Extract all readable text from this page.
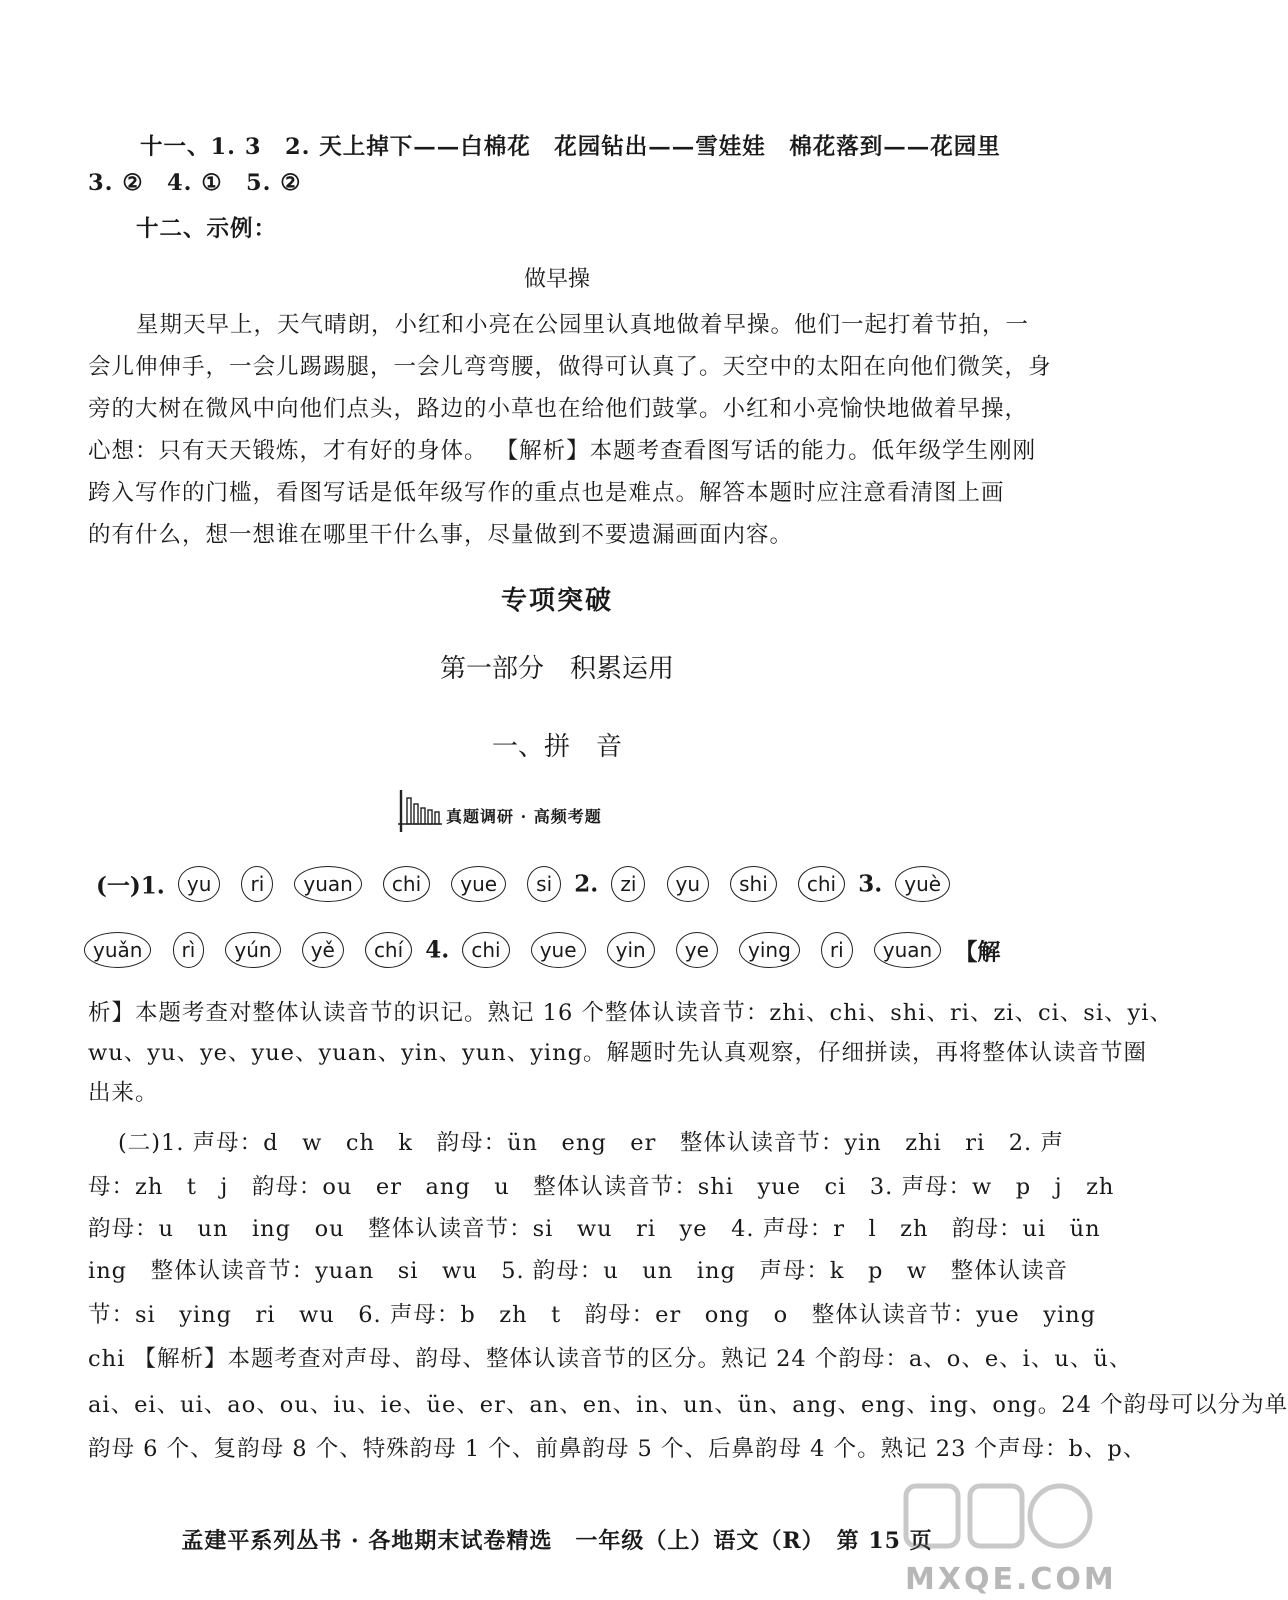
十一、1. 3　2. 天上掉下——白棉花　花园钻出——雪娃娃　棉花落到——花园里
3. ②　4. ①　5. ②
十二、示例：
做早操
星期天早上，天气晴朗，小红和小亮在公园里认真地做着早操。他们一起打着节拍，一
会儿伸伸手，一会儿踢踢腿，一会儿弯弯腰，做得可认真了。天空中的太阳在向他们微笑，身
旁的大树在微风中向他们点头，路边的小草也在给他们鼓掌。小红和小亮愉快地做着早操，
心想：只有天天锻炼，才有好的身体。 【解析】本题考查看图写话的能力。低年级学生刚刚
跨入写作的门槛，看图写话是低年级写作的重点也是难点。解答本题时应注意看清图上画
的有什么，想一想谁在哪里干什么事，尽量做到不要遗漏画面内容。
专项突破
第一部分　积累运用
一、拼　音
真题调研 · 高频考题
(一)1. yu ri yuan chi yue si 2. zi yu shi chi 3. yuè
yuǎn rì yún yě chí 4. chi yue yin ye ying ri yuan 【解
析】本题考查对整体认读音节的识记。熟记 16 个整体认读音节：zhi、chi、shi、ri、zi、ci、si、yi、
wu、yu、ye、yue、yuan、yin、yun、ying。解题时先认真观察，仔细拼读，再将整体认读音节圈
出来。
(二)1. 声母：d　w　ch　k　韵母：ün　eng　er　整体认读音节：yin　zhi　ri　2. 声
母：zh　t　j　韵母：ou　er　ang　u　整体认读音节：shi　yue　ci　3. 声母：w　p　j　zh
韵母：u　un　ing　ou　整体认读音节：si　wu　ri　ye　4. 声母：r　l　zh　韵母：ui　ün
ing　整体认读音节：yuan　si　wu　5. 韵母：u　un　ing　声母：k　p　w　整体认读音
节：si　ying　ri　wu　6. 声母：b　zh　t　韵母：er　ong　o　整体认读音节：yue　ying
chi 【解析】本题考查对声母、韵母、整体认读音节的区分。熟记 24 个韵母：a、o、e、i、u、ü、
ai、ei、ui、ao、ou、iu、ie、üe、er、an、en、in、un、ün、ang、eng、ing、ong。24 个韵母可以分为单
韵母 6 个、复韵母 8 个、特殊韵母 1 个、前鼻韵母 5 个、后鼻韵母 4 个。熟记 23 个声母：b、p、
孟建平系列丛书 · 各地期末试卷精选　一年级（上）语文（R）　第 15 页
MXQE.COM
